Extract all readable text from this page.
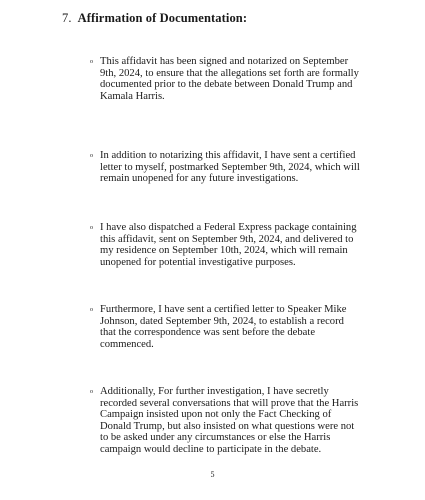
7. Affirmation of Documentation:
o This affidavit has been signed and notarized on September
9th, 2024, to ensure that the allegations set forth are formally
documented prior to the debate between Donald Trump and
Kamala Harris.
o In addition to notarizing this affidavit, I have sent a certified
letter to myself, postmarked September 9th, 2024, which will
remain unopened for any future investigations.
o I have also dispatched a Federal Express package containing
this affidavit, sent on September 9th, 2024, and delivered to
my residence on September 10th, 2024, which will remain
unopened for potential investigative purposes.
o Furthermore, I have sent a certified letter to Speaker Mike
Johnson, dated September 9th, 2024, to establish a record
that the correspondence was sent before the debate
commenced.
o Additionally, For further investigation, I have secretly
recorded several conversations that will prove that the Harris
Campaign insisted upon not only the Fact Checking of
Donald Trump, but also insisted on what questions were not
to be asked under any circumstances or else the Harris
campaign would decline to participate in the debate.
5
